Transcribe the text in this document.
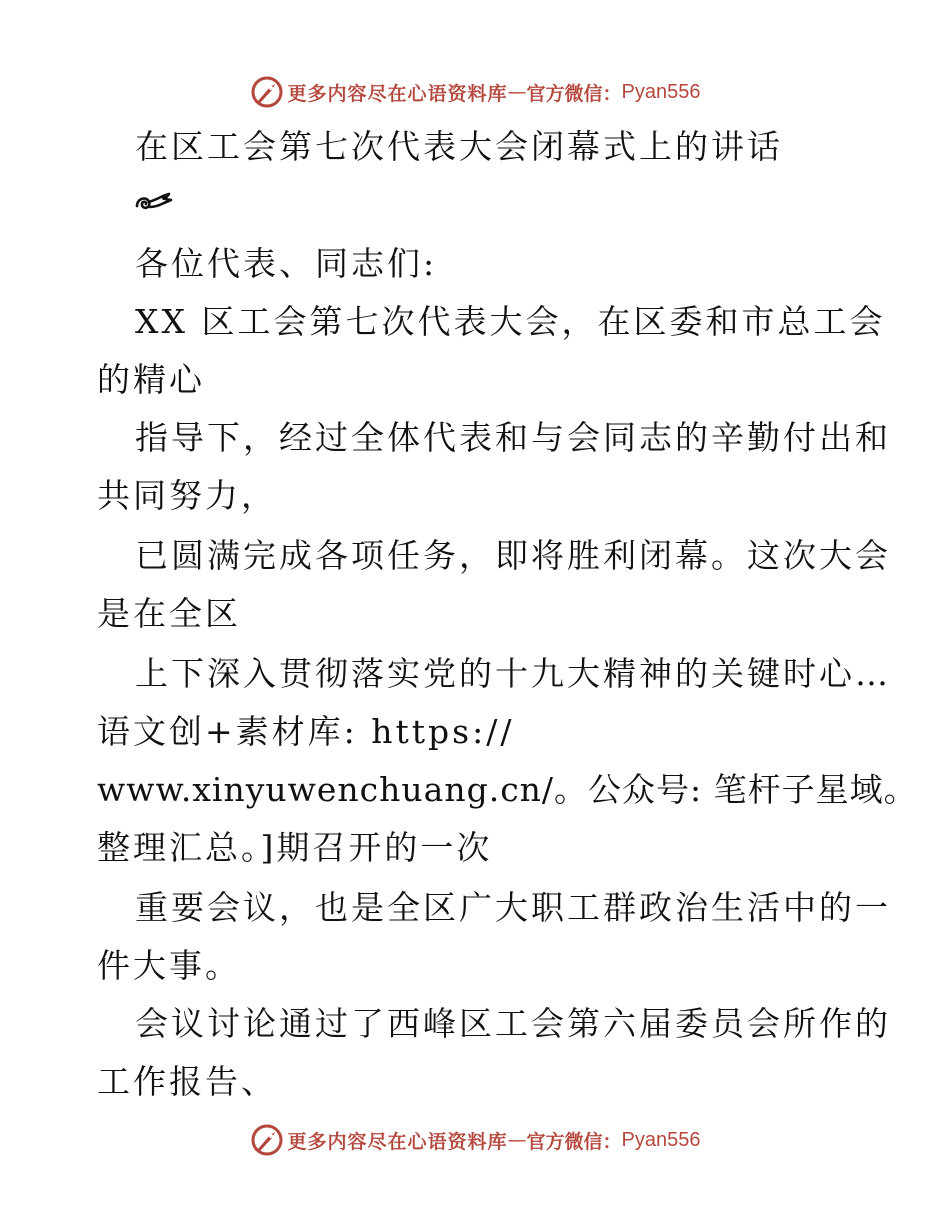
更多内容尽在心语资料库 — 官方微信： Pyan556
在区工会第七次代表大会闭幕式上的讲话
各位代表、同志们:
XX 区工会第七次代表大会，在区委和市总工会
的精心
指导下，经过全体代表和与会同志的辛勤付出和
共同努力，
已圆满完成各项任务，即将胜利闭幕。这次大会
是在全区
上下深入贯彻落实党的十九大精神的关键时心…
语文创+素材库: https://
www.xinyuwenchuang.cn/。公众号: 笔杆子星域。
整理汇总。]期召开的一次
重要会议，也是全区广大职工群政治生活中的一
件大事。
会议讨论通过了西峰区工会第六届委员会所作的
工作报告、
更多内容尽在心语资料库 — 官方微信： Pyan556
